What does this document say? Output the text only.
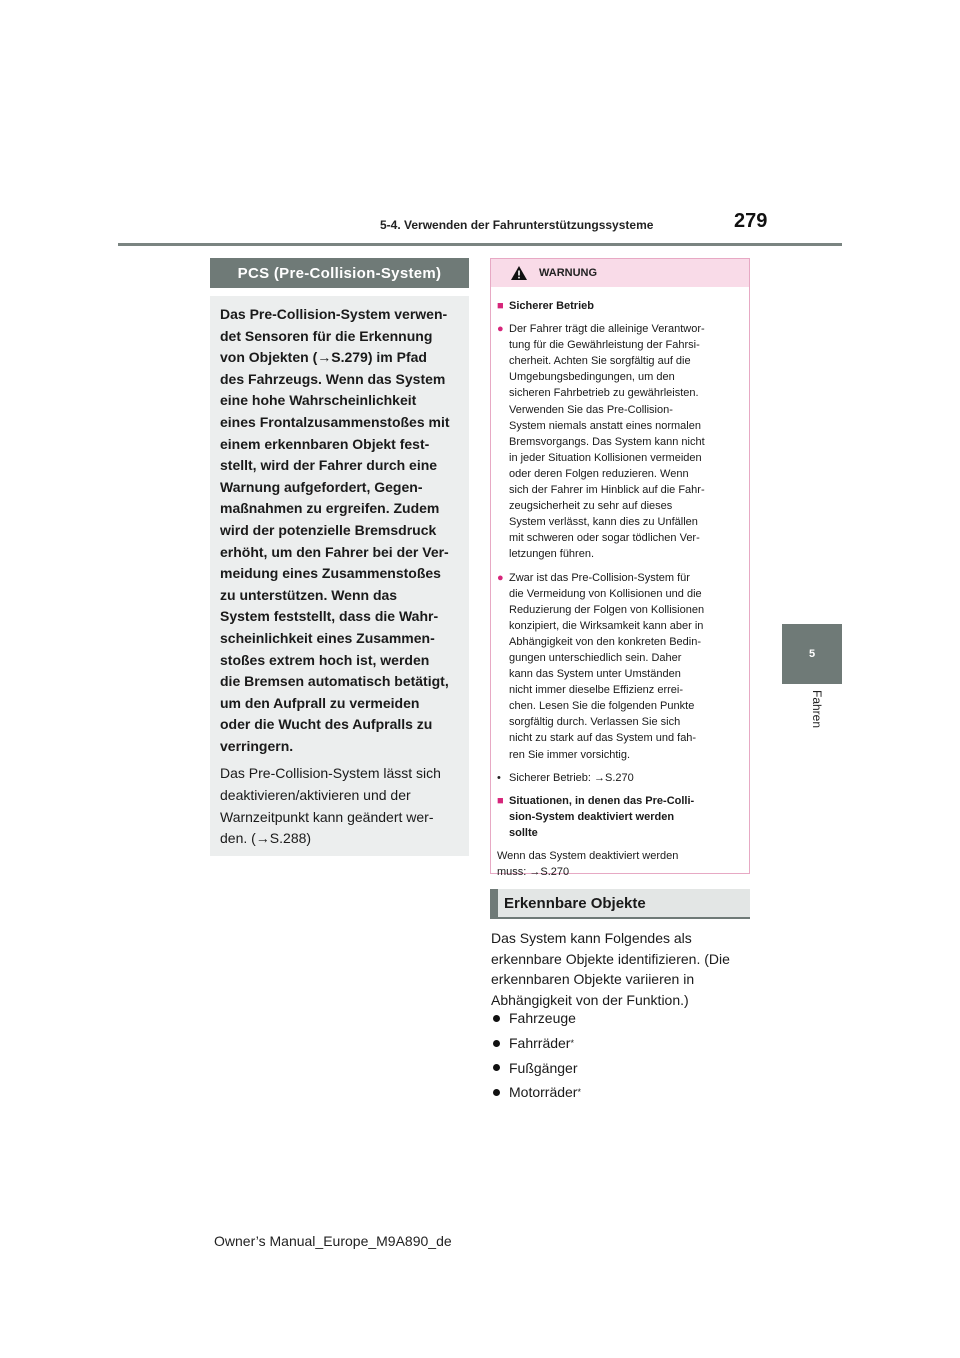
5-4. Verwenden der Fahrunterstützungssysteme	279
5
Fahren
PCS (Pre-Collision-System)

Das Pre-Collision-System verwen-

det Sensoren für die Erkennung

von Objekten (→S.279) im Pfad

des Fahrzeugs. Wenn das System

eine hohe Wahrscheinlichkeit

eines Frontalzusammenstoßes mit

einem erkennbaren Objekt fest-

stellt, wird der Fahrer durch eine

Warnung aufgefordert, Gegen-

maßnahmen zu ergreifen. Zudem

wird der potenzielle Bremsdruck

erhöht, um den Fahrer bei der Ver-

meidung eines Zusammenstoßes

zu unterstützen. Wenn das

System feststellt, dass die Wahr-

scheinlichkeit eines Zusammen-

stoßes extrem hoch ist, werden

die Bremsen automatisch betätigt,

um den Aufprall zu vermeiden

oder die Wucht des Aufpralls zu

verringern.

Das Pre-Collision-System lässt sich

deaktivieren/aktivieren und der

Warnzeitpunkt kann geändert wer-

den. (→S.288)

WARNUNG
■ Sicherer Betrieb
● Der Fahrer trägt die alleinige Verantwor-
tung für die Gewährleistung der Fahrsi-
cherheit. Achten Sie sorgfältig auf die
Umgebungsbedingungen, um den
sicheren Fahrbetrieb zu gewährleisten.
Verwenden Sie das Pre-Collision-
System niemals anstatt eines normalen
Bremsvorgangs. Das System kann nicht
in jeder Situation Kollisionen vermeiden
oder deren Folgen reduzieren. Wenn
sich der Fahrer im Hinblick auf die Fahr-
zeugsicherheit zu sehr auf dieses
System verlässt, kann dies zu Unfällen
mit schweren oder sogar tödlichen Ver-
letzungen führen.
● Zwar ist das Pre-Collision-System für
die Vermeidung von Kollisionen und die
Reduzierung der Folgen von Kollisionen
konzipiert, die Wirksamkeit kann aber in
Abhängigkeit von den konkreten Bedin-
gungen unterschiedlich sein. Daher
kann das System unter Umständen
nicht immer dieselbe Effizienz errei-
chen. Lesen Sie die folgenden Punkte
sorgfältig durch. Verlassen Sie sich
nicht zu stark auf das System und fah-
ren Sie immer vorsichtig.
• Sicherer Betrieb: →S.270
■ Situationen, in denen das Pre-Colli-
sion-System deaktiviert werden
sollte
Wenn das System deaktiviert werden
muss: →S.270
Erkennbare Objekte
Das System kann Folgendes als
erkennbare Objekte identifizieren. (Die
erkennbaren Objekte variieren in
Abhängigkeit von der Funktion.)
Fahrzeuge
Fahrräder *
Fußgänger
Motorräder *
Owner’s Manual_Europe_M9A890_de
